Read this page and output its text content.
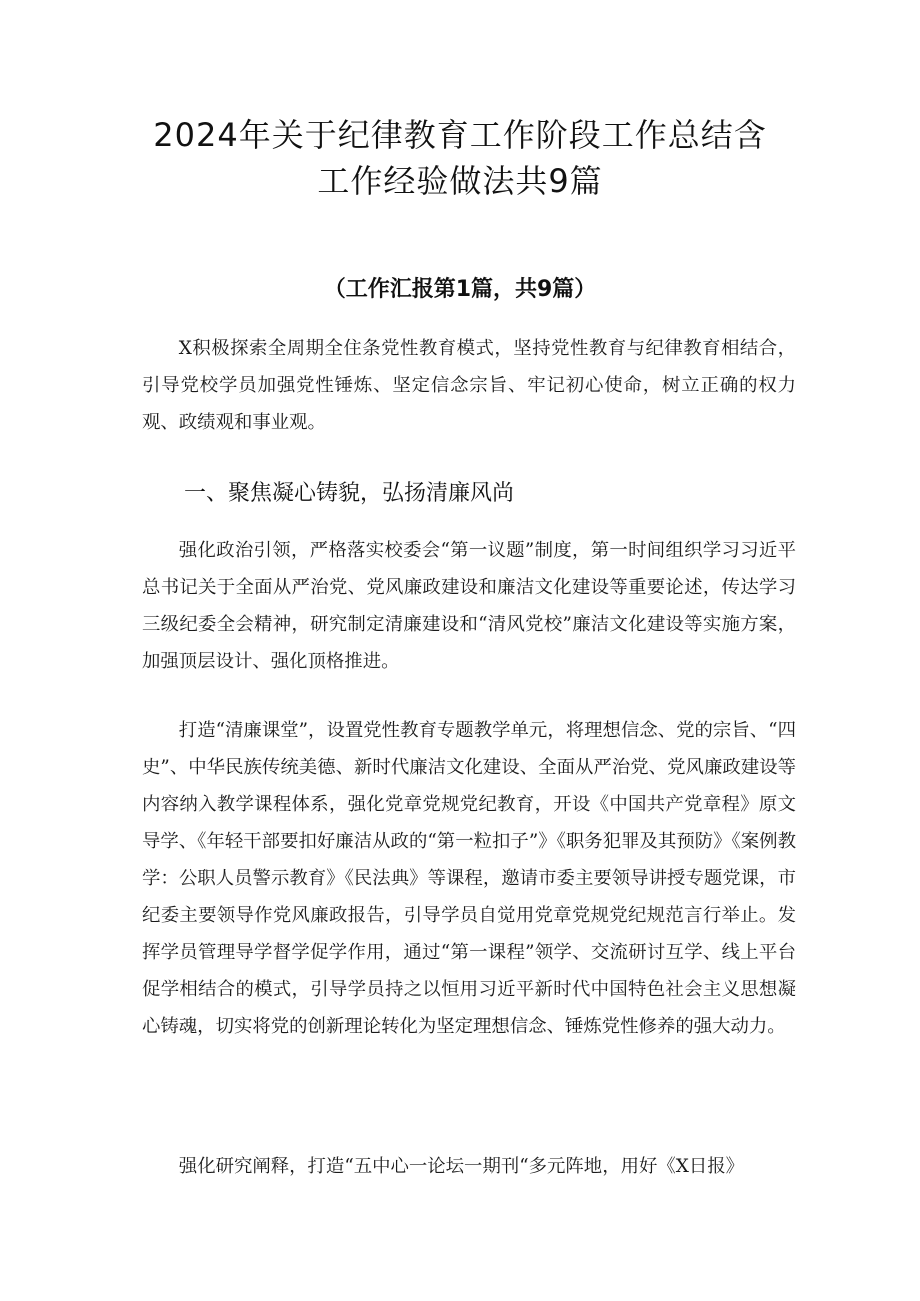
2024年关于纪律教育工作阶段工作总结含
工作经验做法共9篇
（工作汇报第1篇，共9篇）

X积极探索全周期全住条党性教育模式，坚持党性教育与纪律教育相结合，引导党校学员加强党性锤炼、坚定信念宗旨、牢记初心使命，树立正确的权力观、政绩观和事业观。

一、聚焦凝心铸貌，弘扬清廉风尚

强化政治引领，严格落实校委会“第一议题”制度，第一时间组织学习习近平总书记关于全面从严治党、党风廉政建设和廉洁文化建设等重要论述，传达学习三级纪委全会精神，研究制定清廉建设和“清风党校”廉洁文化建设等实施方案，加强顶层设计、强化顶格推进。

打造“清廉课堂”，设置党性教育专题教学单元，将理想信念、党的宗旨、“四史”、中华民族传统美德、新时代廉洁文化建设、全面从严治党、党风廉政建设等内容纳入教学课程体系，强化党章党规党纪教育，开设《中国共产党章程》原文导学、《年轻干部要扣好廉洁从政的“第一粒扣子”》《职务犯罪及其预防》《案例教学：公职人员警示教育》《民法典》等课程，邀请市委主要领导讲授专题党课，市纪委主要领导作党风廉政报告，引导学员自觉用党章党规党纪规范言行举止。发挥学员管理导学督学促学作用，通过“第一课程”领学、交流研讨互学、线上平台促学相结合的模式，引导学员持之以恒用习近平新时代中国特色社会主义思想凝心铸魂，切实将党的创新理论转化为坚定理想信念、锤炼党性修养的强大动力。

强化研究阐释，打造“五中心一论坛一期刊“多元阵地，用好《X日报》
